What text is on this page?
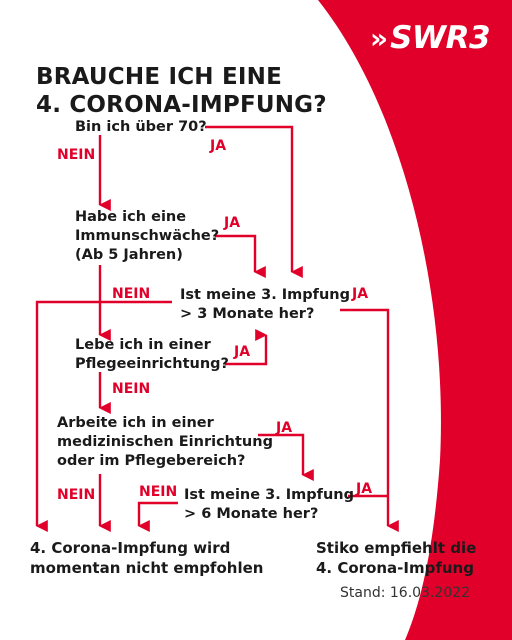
» SWR3
BRAUCHE ICH EINE
4. CORONA-IMPFUNG?

Bin ich über 70?

JA

NEIN

Habe ich eine
Immunschwäche?
(Ab 5 Jahren)

JA

NEIN Ist meine 3. Impfung
> 3 Monate her?

JA

Lebe ich in einer
Pflegeeinrichtung?

JA

NEIN

Arbeite ich in einer
medizinischen Einrichtung
oder im Pflegebereich?

JA

NEIN	Ist meine 3. Impfung
> 6 Monate her?

NEIN	JA

4. Corona-Impfung wird
momentan nicht empfohlen
Stiko empfiehlt die
4. Corona-Impfung

Stand: 16.03.2022
